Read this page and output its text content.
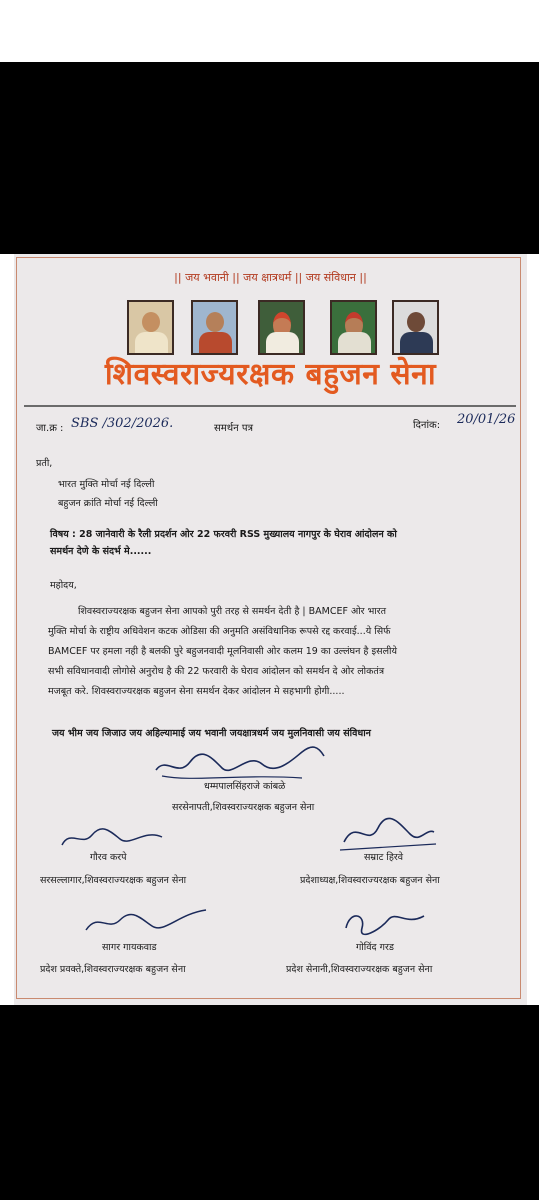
|| जय भवानी || जय क्षात्रधर्म || जय संविधान ||
शिवस्वराज्यरक्षक बहुजन सेना
जा.क्र : SBS /302/2026.	समर्थन पत्र	दिनांक: 20/01/26
प्रती,
भारत मुक्ति मोर्चा नई दिल्ली
बहुजन क्रांति मोर्चा नई दिल्ली
विषय : 28 जानेवारी के रैली प्रदर्शन ओर 22 फरवरी RSS मुख्यालय नागपुर के घेराव आंदोलन को
समर्थन देणे के संदर्भ मे......
महोदय,
शिवस्वराज्यरक्षक बहुजन सेना आपको पुरी तरह से समर्थन देती है | BAMCEF ओर भारत
मुक्ति मोर्चा के राष्ट्रीय अधिवेशन कटक ओडिसा की अनुमति असंविधानिक रूपसे रद्द करवाई...ये सिर्फ
BAMCEF पर हमला नही है बलकी पुरे बहुजनवादी मूलनिवासी ओर कलम 19 का उल्लंघन है इसलीये
सभी सविधानवादी लोगोसे अनुरोध है की 22 फरवारी के घेराव आंदोलन को समर्थन दे ओर लोकतंत्र
मजबूत करे. शिवस्वराज्यरक्षक बहुजन सेना समर्थन देकर आंदोलन मे सहभागी होगी.....
जय भीम जय जिजाउ जय अहिल्यामाई जय भवानी जयक्षात्रधर्म जय मुलनिवासी जय संविधान
धम्मपालसिंहराजे कांबळे
सरसेनापती,शिवस्वराज्यरक्षक बहुजन सेना
गौरव करपे
सरसल्लागार,शिवस्वराज्यरक्षक बहुजन सेना
सम्राट हिरवे
प्रदेशाध्यक्ष,शिवस्वराज्यरक्षक बहुजन सेना
सागर गायकवाड
प्रदेश प्रवक्ते,शिवस्वराज्यरक्षक बहुजन सेना
गोविंद गरड
प्रदेश सेनानी,शिवस्वराज्यरक्षक बहुजन सेना
